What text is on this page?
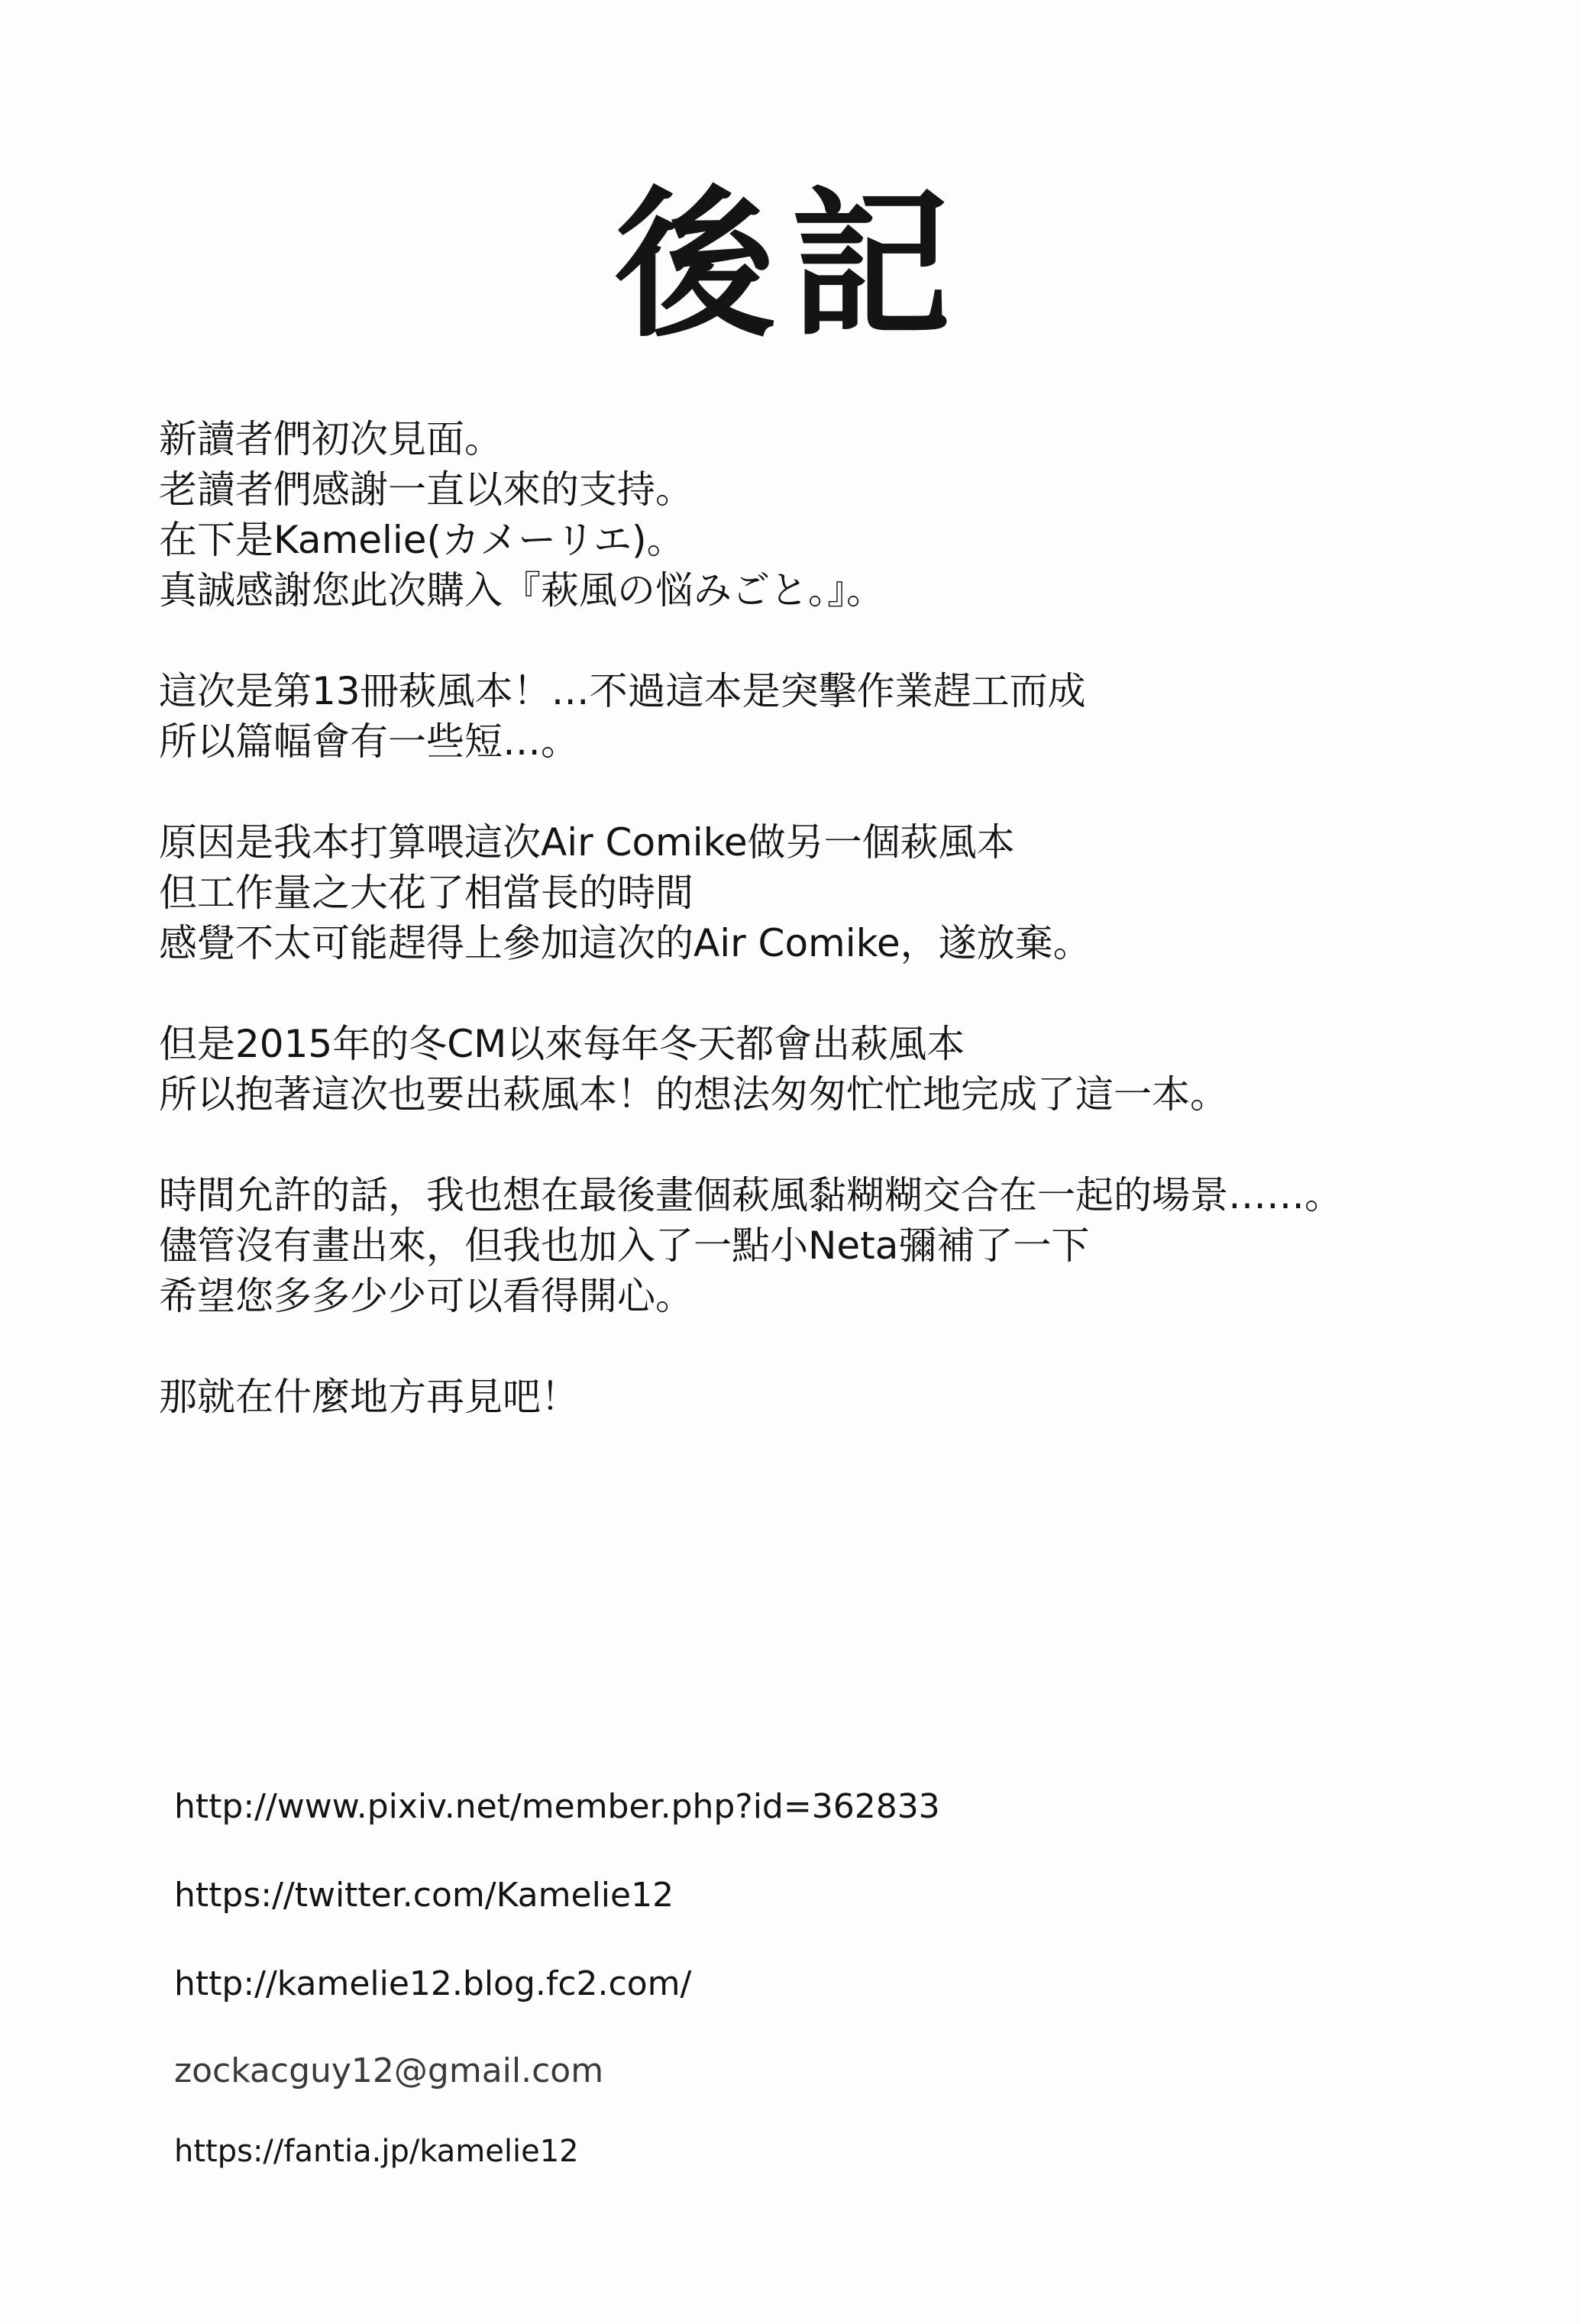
後記
新讀者們初次見面。
老讀者們感謝一直以來的支持。
在下是Kamelie(カメーリエ)。
真誠感謝您此次購入『萩風の悩みごと。』。
這次是第13冊萩風本！…不過這本是突擊作業趕工而成
所以篇幅會有一些短…。
原因是我本打算喂這次Air Comike做另一個萩風本
但工作量之大花了相當長的時間
感覺不太可能趕得上參加這次的Air Comike，遂放棄。
但是2015年的冬CM以來每年冬天都會出萩風本
所以抱著這次也要出萩風本！的想法匆匆忙忙地完成了這一本。
時間允許的話，我也想在最後畫個萩風黏糊糊交合在一起的場景……。
儘管沒有畫出來，但我也加入了一點小Neta彌補了一下
希望您多多少少可以看得開心。
那就在什麼地方再見吧！
http://www.pixiv.net/member.php?id=362833
https://twitter.com/Kamelie12
http://kamelie12.blog.fc2.com/
zockacguy12@gmail.com
https://fantia.jp/kamelie12
